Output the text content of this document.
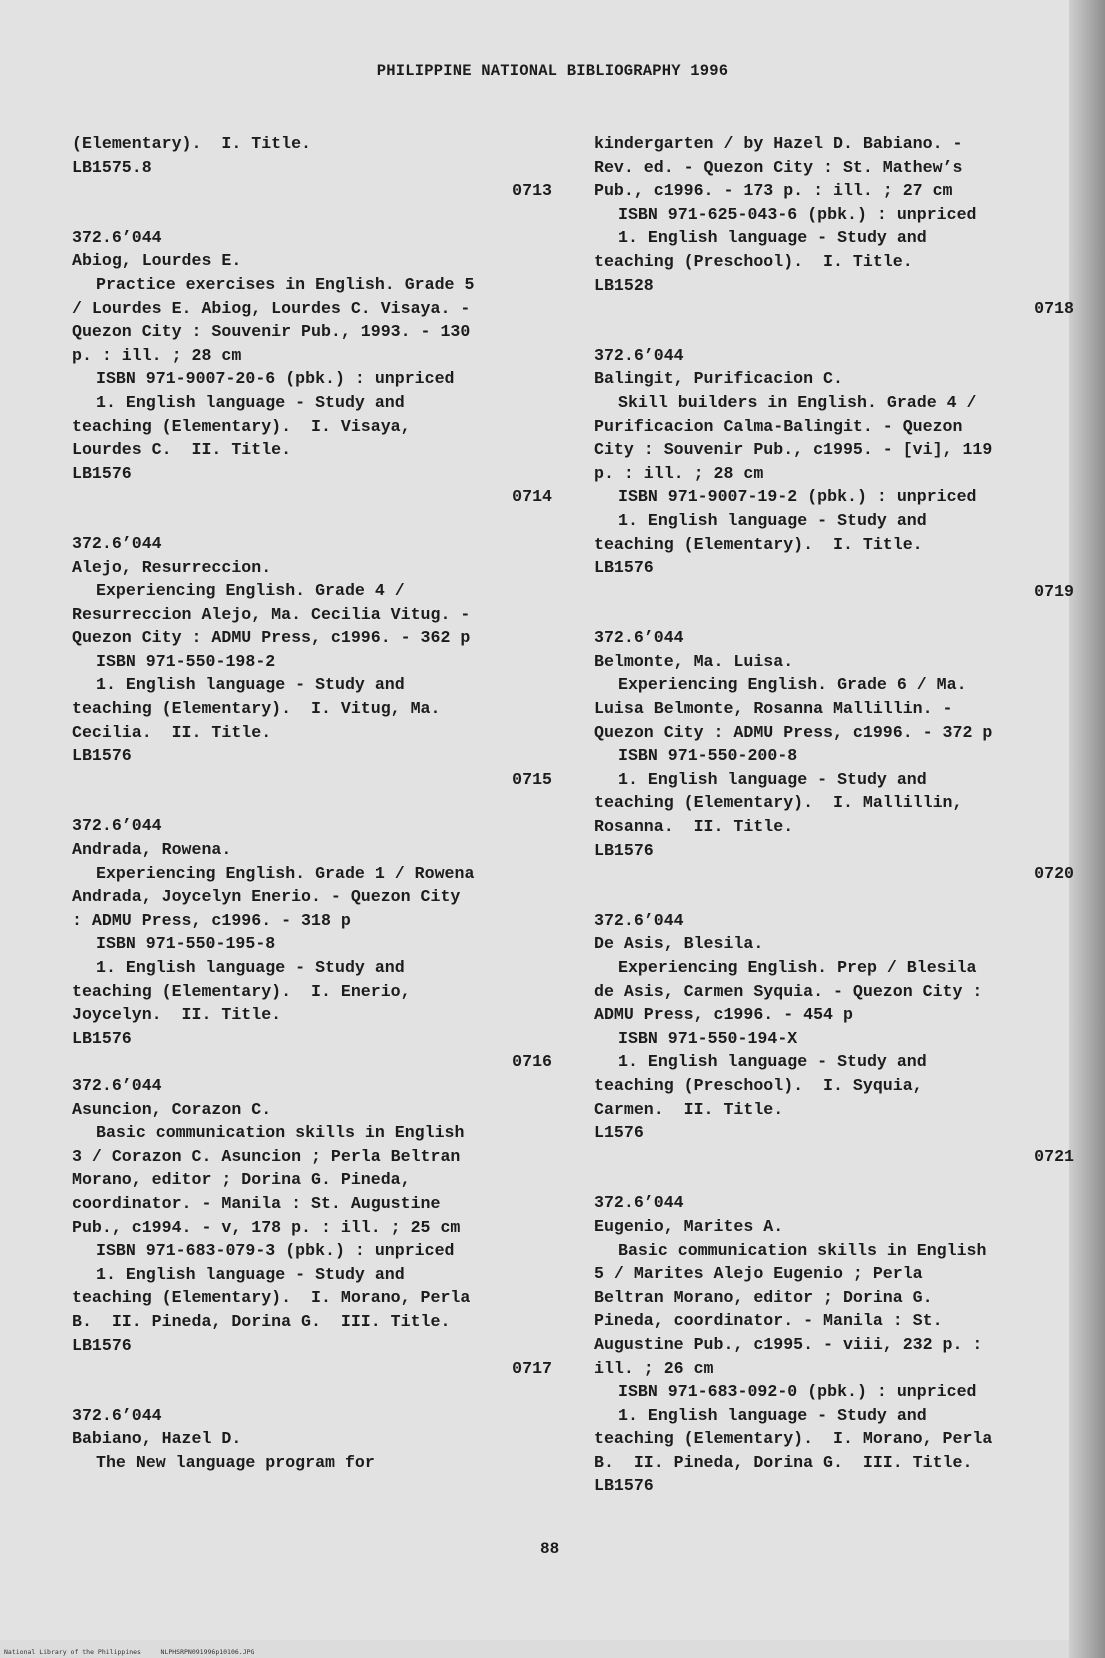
PHILIPPINE NATIONAL BIBLIOGRAPHY 1996
(Elementary).  I. Title.
LB1575.8
0713
372.6’044
Abiog, Lourdes E.
Practice exercises in English. Grade 5
/ Lourdes E. Abiog, Lourdes C. Visaya. -
Quezon City : Souvenir Pub., 1993. - 130
p. : ill. ; 28 cm
ISBN 971-9007-20-6 (pbk.) : unpriced
1. English language - Study and
teaching (Elementary).  I. Visaya,
Lourdes C.  II. Title.
LB1576
0714
372.6’044
Alejo, Resurreccion.
Experiencing English. Grade 4 /
Resurreccion Alejo, Ma. Cecilia Vitug. -
Quezon City : ADMU Press, c1996. - 362 p
ISBN 971-550-198-2
1. English language - Study and
teaching (Elementary).  I. Vitug, Ma.
Cecilia.  II. Title.
LB1576
0715
372.6’044
Andrada, Rowena.
Experiencing English. Grade 1 / Rowena
Andrada, Joycelyn Enerio. - Quezon City
: ADMU Press, c1996. - 318 p
ISBN 971-550-195-8
1. English language - Study and
teaching (Elementary).  I. Enerio,
Joycelyn.  II. Title.
LB1576
0716
372.6’044
Asuncion, Corazon C.
Basic communication skills in English
3 / Corazon C. Asuncion ; Perla Beltran
Morano, editor ; Dorina G. Pineda,
coordinator. - Manila : St. Augustine
Pub., c1994. - v, 178 p. : ill. ; 25 cm
ISBN 971-683-079-3 (pbk.) : unpriced
1. English language - Study and
teaching (Elementary).  I. Morano, Perla
B.  II. Pineda, Dorina G.  III. Title.
LB1576
0717
372.6’044
Babiano, Hazel D.
The New language program for
kindergarten / by Hazel D. Babiano. -
Rev. ed. - Quezon City : St. Mathew’s
Pub., c1996. - 173 p. : ill. ; 27 cm
ISBN 971-625-043-6 (pbk.) : unpriced
1. English language - Study and
teaching (Preschool).  I. Title.
LB1528
0718
372.6’044
Balingit, Purificacion C.
Skill builders in English. Grade 4 /
Purificacion Calma-Balingit. - Quezon
City : Souvenir Pub., c1995. - [vi], 119
p. : ill. ; 28 cm
ISBN 971-9007-19-2 (pbk.) : unpriced
1. English language - Study and
teaching (Elementary).  I. Title.
LB1576
0719
372.6’044
Belmonte, Ma. Luisa.
Experiencing English. Grade 6 / Ma.
Luisa Belmonte, Rosanna Mallillin. -
Quezon City : ADMU Press, c1996. - 372 p
ISBN 971-550-200-8
1. English language - Study and
teaching (Elementary).  I. Mallillin,
Rosanna.  II. Title.
LB1576
0720
372.6’044
De Asis, Blesila.
Experiencing English. Prep / Blesila
de Asis, Carmen Syquia. - Quezon City :
ADMU Press, c1996. - 454 p
ISBN 971-550-194-X
1. English language - Study and
teaching (Preschool).  I. Syquia,
Carmen.  II. Title.
L1576
0721
372.6’044
Eugenio, Marites A.
Basic communication skills in English
5 / Marites Alejo Eugenio ; Perla
Beltran Morano, editor ; Dorina G.
Pineda, coordinator. - Manila : St.
Augustine Pub., c1995. - viii, 232 p. :
ill. ; 26 cm
ISBN 971-683-092-0 (pbk.) : unpriced
1. English language - Study and
teaching (Elementary).  I. Morano, Perla
B.  II. Pineda, Dorina G.  III. Title.
LB1576
88
National Library of the Philippines     NLPHSRPN091996p10106.JPG
